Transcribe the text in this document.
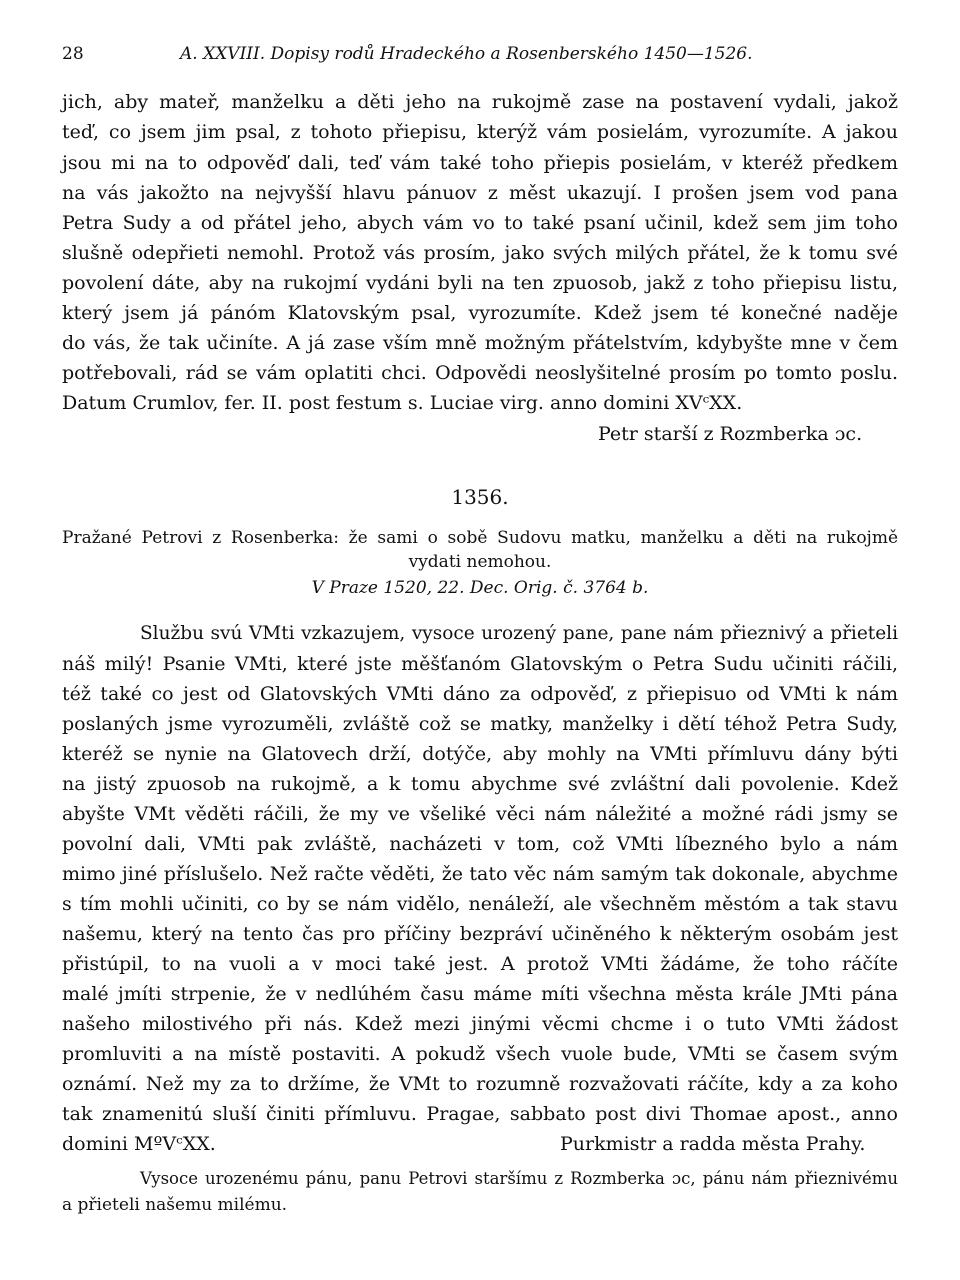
28	A. XXVIII. Dopisy rodů Hradeckého a Rosenberského 1450—1526.
jich, aby mateř, manželku a děti jeho na rukojmě zase na postavení vydali, jakož
teď, co jsem jim psal, z tohoto přiepisu, kterýž vám posielám, vyrozumíte. A jakou
jsou mi na to odpověď dali, teď vám také toho přiepis posielám, v kteréž předkem
na vás jakožto na nejvyšší hlavu pánuov z měst ukazují. I prošen jsem vod pana
Petra Sudy a od přátel jeho, abych vám vo to také psaní učinil, kdež sem jim toho
slušně odepřieti nemohl. Protož vás prosím, jako svých milých přátel, že k tomu své
povolení dáte, aby na rukojmí vydáni byli na ten zpuosob, jakž z toho přiepisu listu,
který jsem já pánóm Klatovským psal, vyrozumíte. Kdež jsem té konečné naděje
do vás, že tak učiníte. A já zase vším mně možným přátelstvím, kdybyšte mne v čem
potřebovali, rád se vám oplatiti chci. Odpovědi neoslyšitelné prosím po tomto poslu.
Datum Crumlov, fer. II. post festum s. Luciae virg. anno domini XVᶜXX.
Petr starší z Rozmberka ɔc.
1356.
Pražané Petrovi z Rosenberka: že sami o sobě Sudovu matku, manželku a děti na rukojmě
vydati nemohou.
V Praze 1520, 22. Dec. Orig. č. 3764 b.
Službu svú VMti vzkazujem, vysoce urozený pane, pane nám přieznivý a přieteli
náš milý! Psanie VMti, které jste měšťanóm Glatovským o Petra Sudu učiniti ráčili,
též také co jest od Glatovských VMti dáno za odpověď, z přiepisuo od VMti k nám
poslaných jsme vyrozuměli, zvláště což se matky, manželky i dětí téhož Petra Sudy,
kteréž se nynie na Glatovech drží, dotýče, aby mohly na VMti přímluvu dány býti
na jistý zpuosob na rukojmě, a k tomu abychme své zvláštní dali povolenie. Kdež
abyšte VMt věděti ráčili, že my ve všeliké věci nám náležité a možné rádi jsmy se
povolní dali, VMti pak zvláště, nacházeti v tom, což VMti líbezného bylo a nám
mimo jiné příslušelo. Než račte věděti, že tato věc nám samým tak dokonale, abychme
s tím mohli učiniti, co by se nám vidělo, nenáleží, ale všechněm městóm a tak stavu
našemu, který na tento čas pro příčiny bezpráví učiněného k některým osobám jest
přistúpil, to na vuoli a v moci také jest. A protož VMti žádáme, že toho ráčíte
malé jmíti strpenie, že v nedlúhém času máme míti všechna města krále JMti pána
našeho milostivého při nás. Kdež mezi jinými věcmi chcme i o tuto VMti žádost
promluviti a na místě postaviti. A pokudž všech vuole bude, VMti se časem svým
oznámí. Než my za to držíme, že VMt to rozumně rozvažovati ráčíte, kdy a za koho
tak znamenitú sluší činiti přímluvu. Pragae, sabbato post divi Thomae apost., anno
domini MºVᶜXX.	Purkmistr a radda města Prahy.
Vysoce urozenému pánu, panu Petrovi staršímu z Rozmberka ɔc, pánu nám přieznivému
a přieteli našemu milému.
